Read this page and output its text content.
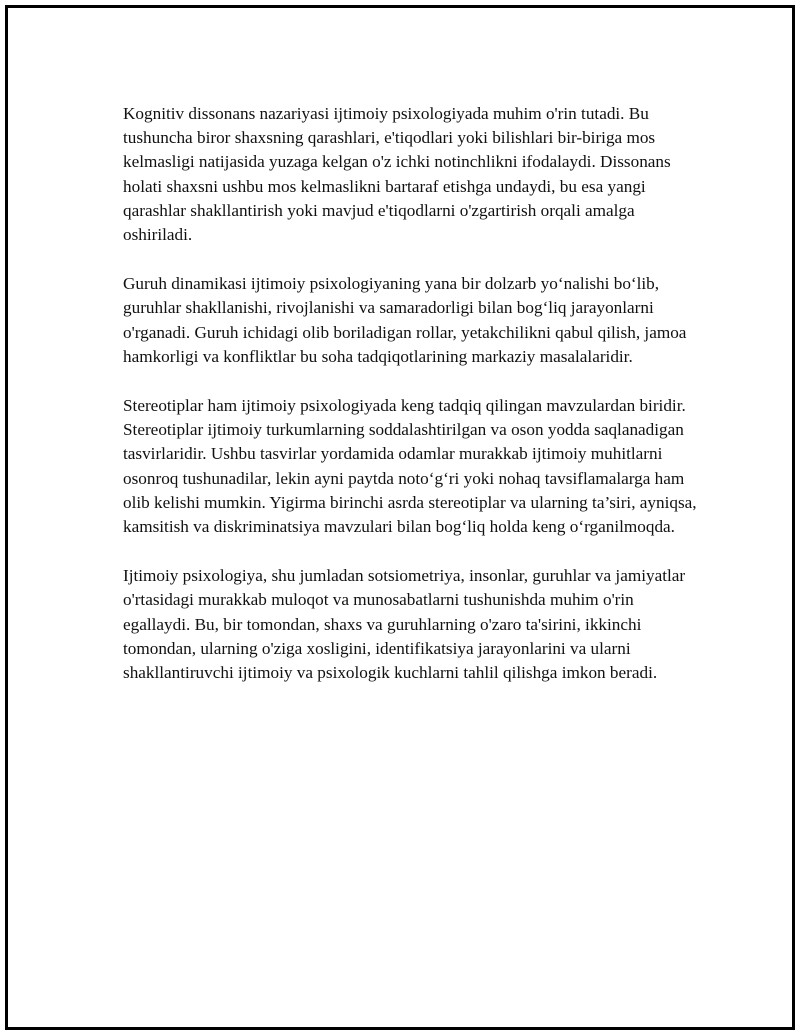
Kognitiv dissonans nazariyasi ijtimoiy psixologiyada muhim o'rin tutadi. Bu tushuncha biror shaxsning qarashlari, e'tiqodlari yoki bilishlari bir-biriga mos kelmasligi natijasida yuzaga kelgan o'z ichki notinchlikni ifodalaydi. Dissonans holati shaxsni ushbu mos kelmaslikni bartaraf etishga undaydi, bu esa yangi qarashlar shakllantirish yoki mavjud e'tiqodlarni o'zgartirish orqali amalga oshiriladi.

Guruh dinamikasi ijtimoiy psixologiyaning yana bir dolzarb yo‘nalishi bo‘lib, guruhlar shakllanishi, rivojlanishi va samaradorligi bilan bog‘liq jarayonlarni o'rganadi. Guruh ichidagi olib boriladigan rollar, yetakchilikni qabul qilish, jamoa hamkorligi va konfliktlar bu soha tadqiqotlarining markaziy masalalaridir.

Stereotiplar ham ijtimoiy psixologiyada keng tadqiq qilingan mavzulardan biridir. Stereotiplar ijtimoiy turkumlarning soddalashtirilgan va oson yodda saqlanadigan tasvirlaridir. Ushbu tasvirlar yordamida odamlar murakkab ijtimoiy muhitlarni osonroq tushunadilar, lekin ayni paytda noto‘g‘ri yoki nohaq tavsiflamalarga ham olib kelishi mumkin. Yigirma birinchi asrda stereotiplar va ularning ta’siri, ayniqsa, kamsitish va diskriminatsiya mavzulari bilan bog‘liq holda keng o‘rganilmoqda.

Ijtimoiy psixologiya, shu jumladan sotsiometriya, insonlar, guruhlar va jamiyatlar o'rtasidagi murakkab muloqot va munosabatlarni tushunishda muhim o'rin egallaydi. Bu, bir tomondan, shaxs va guruhlarning o'zaro ta'sirini, ikkinchi tomondan, ularning o'ziga xosligini, identifikatsiya jarayonlarini va ularni shakllantiruvchi ijtimoiy va psixologik kuchlarni tahlil qilishga imkon beradi.
